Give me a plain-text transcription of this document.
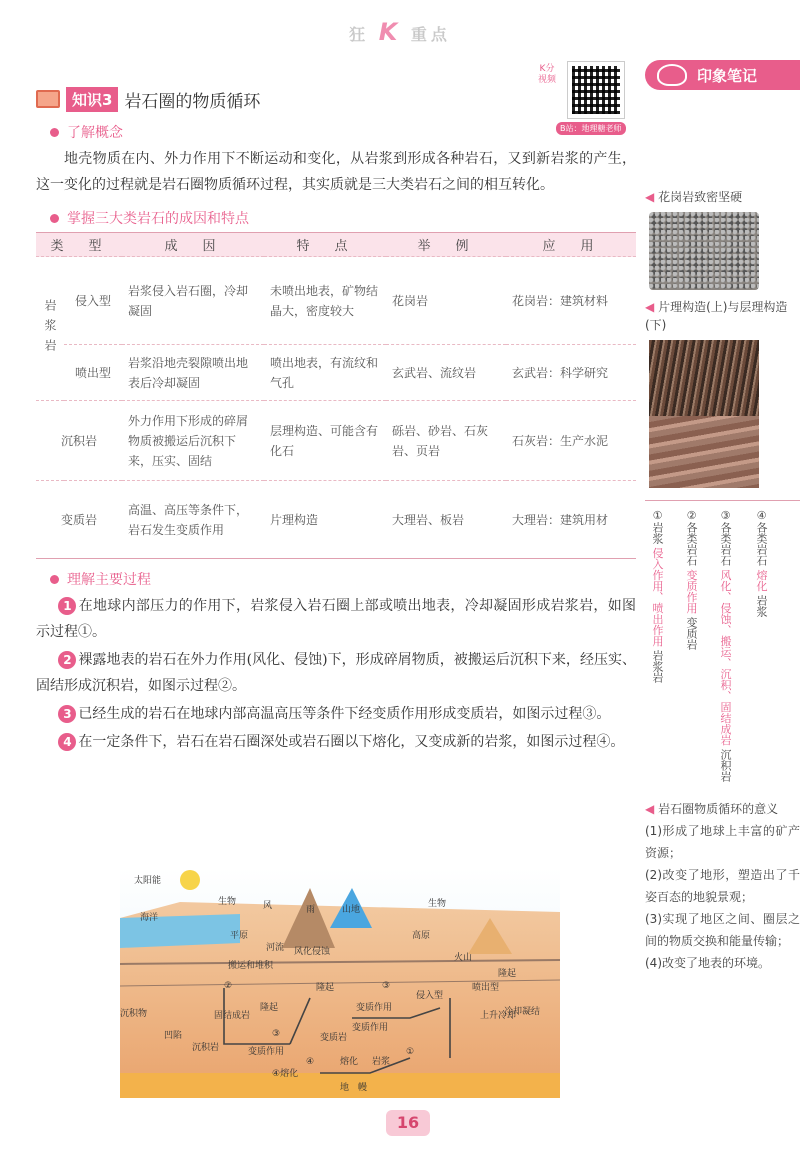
狂 K 重点
K分视频
B站：地理糖老师
知识3 岩石圈的物质循环
了解概念

地壳物质在内、外力作用下不断运动和变化，从岩浆到形成各种岩石，又到新岩浆的产生，这一变化的过程就是岩石圈物质循环过程，其实质就是三大类岩石之间的相互转化。

掌握三大类岩石的成因和特点
类　型		成　因	特　点	举　例	应　用
岩浆岩	侵入型	岩浆侵入岩石圈，冷却凝固	未喷出地表，矿物结晶大，密度较大	花岗岩	花岗岩：建筑材料
	喷出型	岩浆沿地壳裂隙喷出地表后冷却凝固	喷出地表，有流纹和气孔	玄武岩、流纹岩	玄武岩：科学研究
沉积岩		外力作用下形成的碎屑物质被搬运后沉积下来，压实、固结	层理构造、可能含有化石	砾岩、砂岩、石灰岩、页岩	石灰岩：生产水泥
变质岩		高温、高压等条件下，岩石发生变质作用	片理构造	大理岩、板岩	大理岩：建筑用材
理解主要过程

1 在地球内部压力的作用下，岩浆侵入岩石圈上部或喷出地表，冷却凝固形成岩浆岩，如图示过程①。

2 裸露地表的岩石在外力作用(风化、侵蚀)下，形成碎屑物质，被搬运后沉积下来，经压实、固结形成沉积岩，如图示过程②。

3 已经生成的岩石在地球内部高温高压等条件下经变质作用形成变质岩，如图示过程③。

4 在一定条件下，岩石在岩石圈深处或岩石圈以下熔化，又变成新的岩浆，如图示过程④。

太阳能
生物	风	雨	山地
生物
海洋
平原	高原
河流 风化侵蚀
搬运和堆积
火山
隆起
隆起
隆起
沉积物	固结成岩
凹陷
沉积岩
变质作用
变质作用
变质作用
变质岩
侵入型
喷出型
上升冷却
冷却凝结
④熔化
熔化 岩浆
地　幔
②
③
③
①
④
16
印象笔记
◀ 花岗岩致密坚硬
◀ 片理构造(上)与层理构造(下)
①岩浆 侵入作用、喷出作用 岩浆岩
②各类岩石 变质作用 变质岩
③各类岩石 风化、侵蚀、搬运、沉积、固结成岩 沉积岩
④各类岩石 熔化 岩浆
◀ 岩石圈物质循环的意义
(1)形成了地球上丰富的矿产资源；
(2)改变了地形，塑造出了千姿百态的地貌景观；
(3)实现了地区之间、圈层之间的物质交换和能量传输；
(4)改变了地表的环境。
